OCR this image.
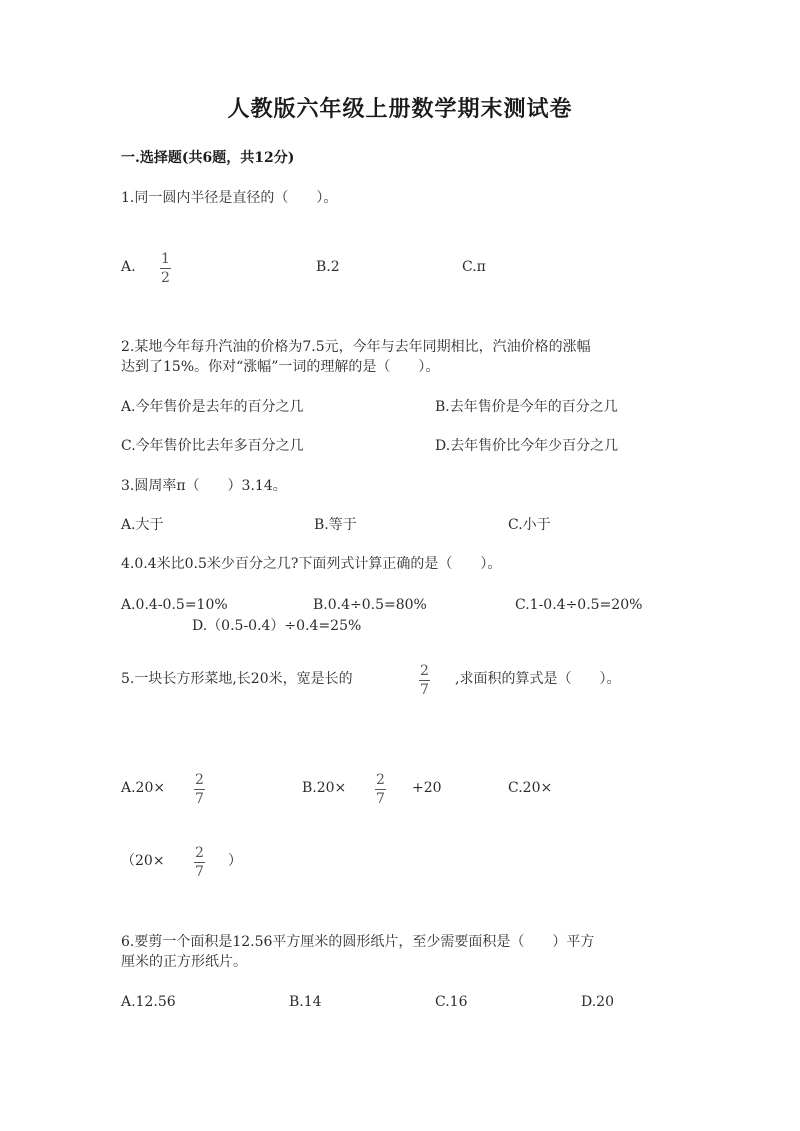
人教版六年级上册数学期末测试卷
一.选择题(共6题，共12分)
1.同一圆内半径是直径的（　　）。
A. 1
2
B.2	C.π
2.某地今年每升汽油的价格为7.5元，今年与去年同期相比，汽油价格的涨幅
达到了15%。你对“涨幅”一词的理解的是（　　）。
A.今年售价是去年的百分之几	B.去年售价是今年的百分之几
C.今年售价比去年多百分之几	D.去年售价比今年少百分之几
3.圆周率π（　　）3.14。
A.大于	B.等于	C.小于
4.0.4米比0.5米少百分之几?下面列式计算正确的是（　　）。
A.0.4-0.5=10%	B.0.4÷0.5=80%	C.1-0.4÷0.5=20%
D.（0.5-0.4）÷0.4=25%
5.一块长方形菜地,长20米，宽是长的	2
7
,求面积的算式是（　　）。
A.20× 2
7
B.20× 2
7
+20	C.20×
（20× 2
7
）
6.要剪一个面积是12.56平方厘米的圆形纸片，至少需要面积是（　　）平方
厘米的正方形纸片。
A.12.56	B.14	C.16	D.20
